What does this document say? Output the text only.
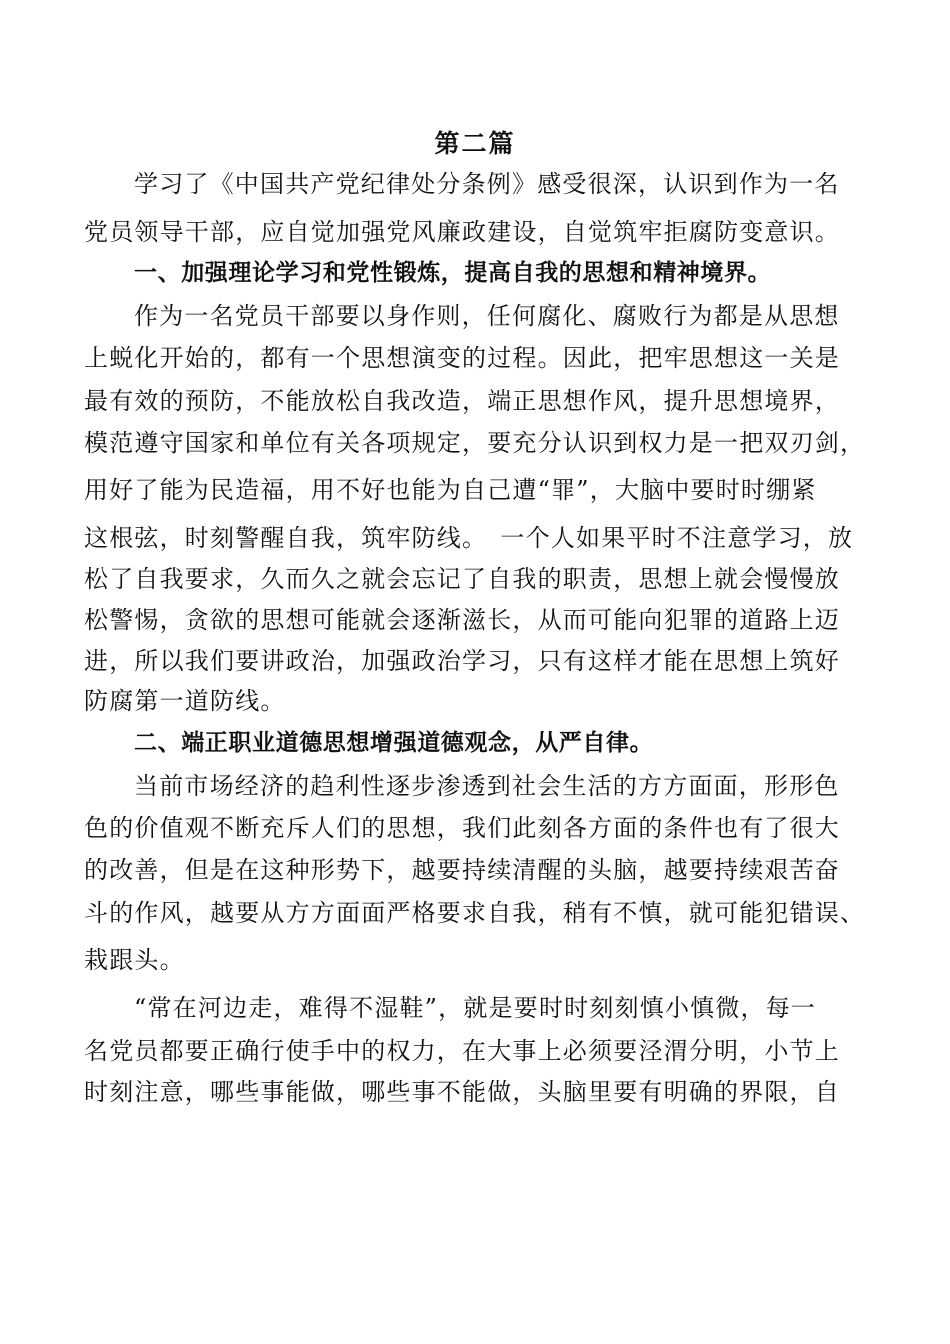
第二篇
学习了《中国共产党纪律处分条例》感受很深，认识到作为一名
党员领导干部，应自觉加强党风廉政建设，自觉筑牢拒腐防变意识。
一、加强理论学习和党性锻炼，提高自我的思想和精神境界。
作为一名党员干部要以身作则，任何腐化、腐败行为都是从思想
上蜕化开始的，都有一个思想演变的过程。因此，把牢思想这一关是
最有效的预防，不能放松自我改造，端正思想作风，提升思想境界，
模范遵守国家和单位有关各项规定，要充分认识到权力是一把双刃剑，
用好了能为民造福，用不好也能为自己遭“罪”，大脑中要时时绷紧
这根弦，时刻警醒自我，筑牢防线。　一个人如果平时不注意学习，放
松了自我要求，久而久之就会忘记了自我的职责，思想上就会慢慢放
松警惕，贪欲的思想可能就会逐渐滋长，从而可能向犯罪的道路上迈
进，所以我们要讲政治，加强政治学习，只有这样才能在思想上筑好
防腐第一道防线。
二、端正职业道德思想增强道德观念，从严自律。
当前市场经济的趋利性逐步渗透到社会生活的方方面面，形形色
色的价值观不断充斥人们的思想，我们此刻各方面的条件也有了很大
的改善，但是在这种形势下，越要持续清醒的头脑，越要持续艰苦奋
斗的作风，越要从方方面面严格要求自我，稍有不慎，就可能犯错误、
栽跟头。
“常在河边走，难得不湿鞋”，就是要时时刻刻慎小慎微，每一
名党员都要正确行使手中的权力，在大事上必须要泾渭分明，小节上
时刻注意，哪些事能做，哪些事不能做，头脑里要有明确的界限，自
